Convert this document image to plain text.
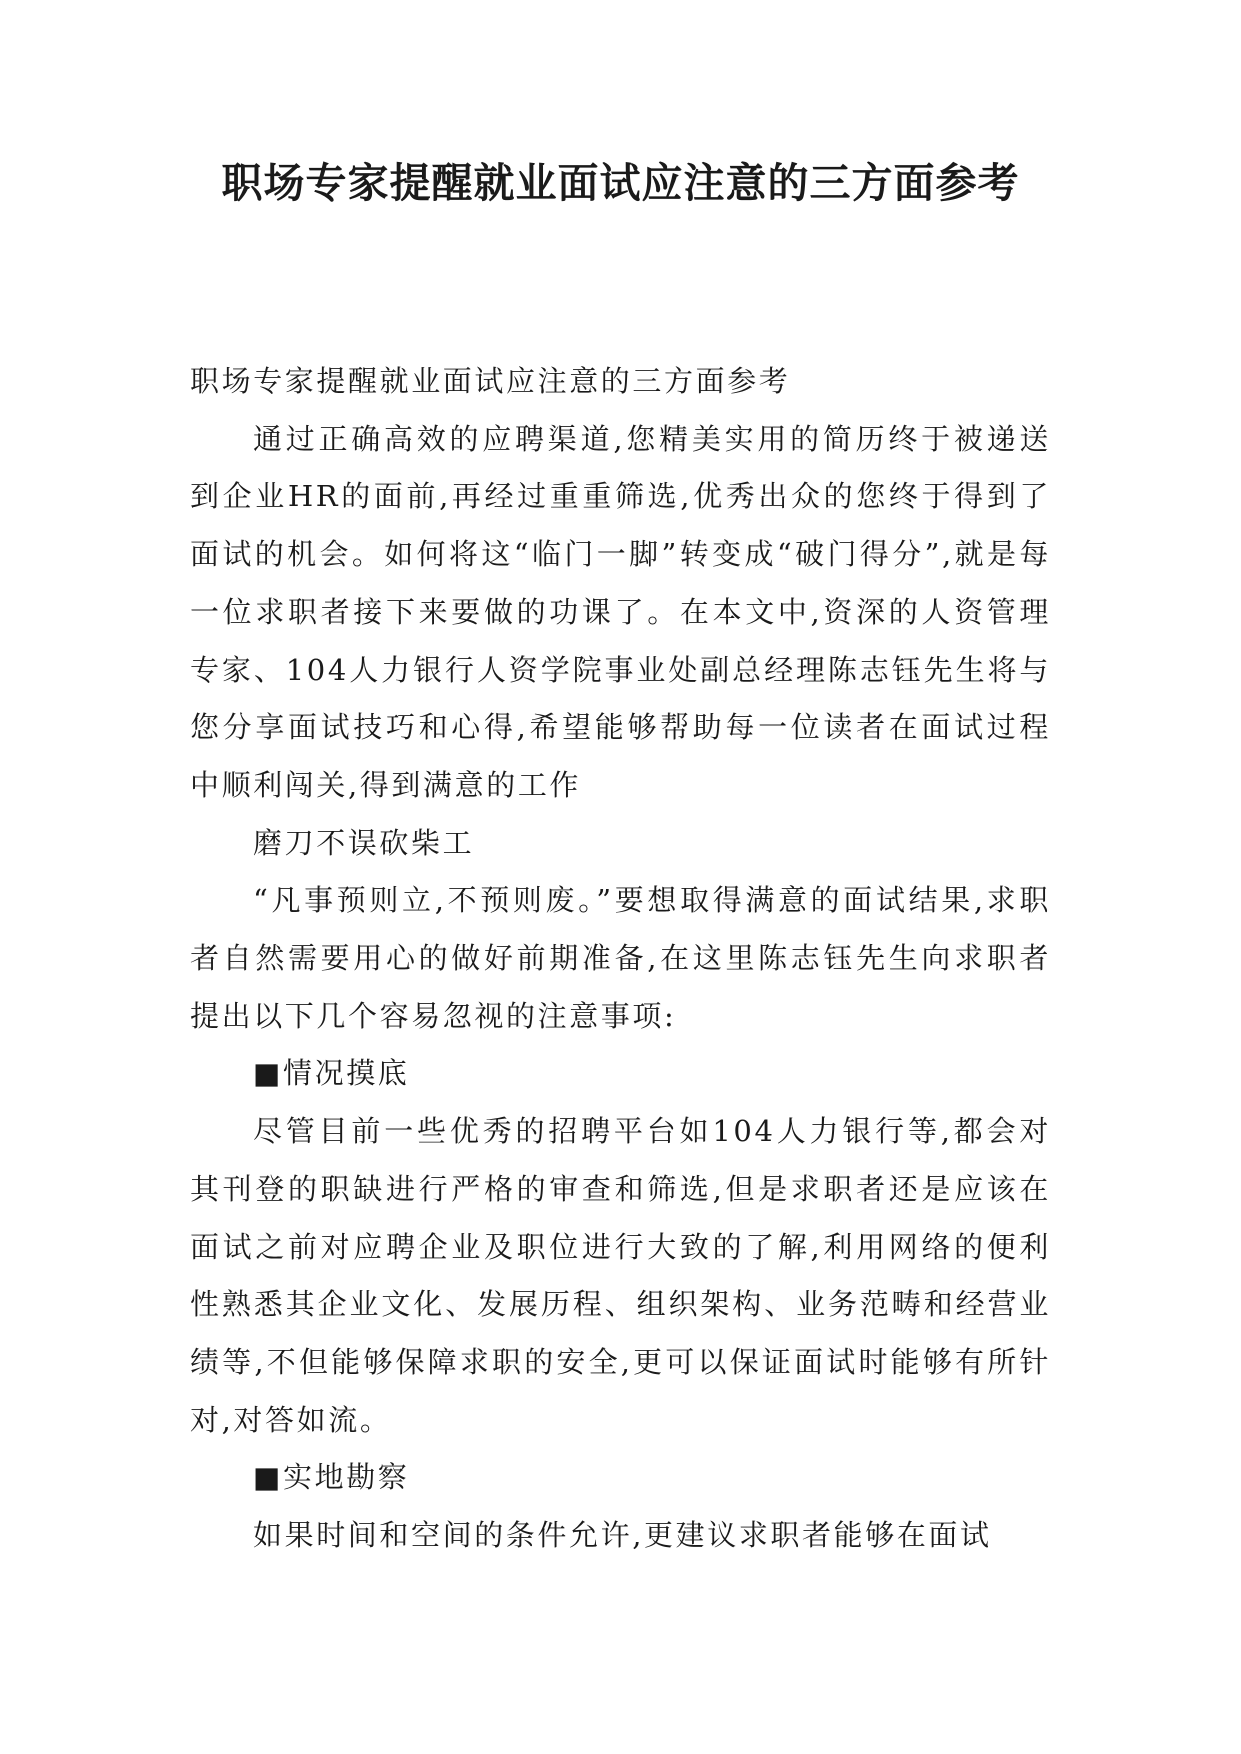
职场专家提醒就业面试应注意的三方面参考

职场专家提醒就业面试应注意的三方面参考

通过正确高效的应聘渠道,您精美实用的简历终于被递送到企业HR的面前,再经过重重筛选,优秀出众的您终于得到了面试的机会。如何将这“临门一脚”转变成“破门得分”,就是每一位求职者接下来要做的功课了。在本文中,资深的人资管理专家、104人力银行人资学院事业处副总经理陈志钰先生将与您分享面试技巧和心得,希望能够帮助每一位读者在面试过程中顺利闯关,得到满意的工作

磨刀不误砍柴工

“凡事预则立,不预则废。”要想取得满意的面试结果,求职者自然需要用心的做好前期准备,在这里陈志钰先生向求职者提出以下几个容易忽视的注意事项:

■情况摸底

尽管目前一些优秀的招聘平台如104人力银行等,都会对其刊登的职缺进行严格的审查和筛选,但是求职者还是应该在面试之前对应聘企业及职位进行大致的了解,利用网络的便利性熟悉其企业文化、发展历程、组织架构、业务范畴和经营业绩等,不但能够保障求职的安全,更可以保证面试时能够有所针对,对答如流。

■实地勘察

如果时间和空间的条件允许,更建议求职者能够在面试
